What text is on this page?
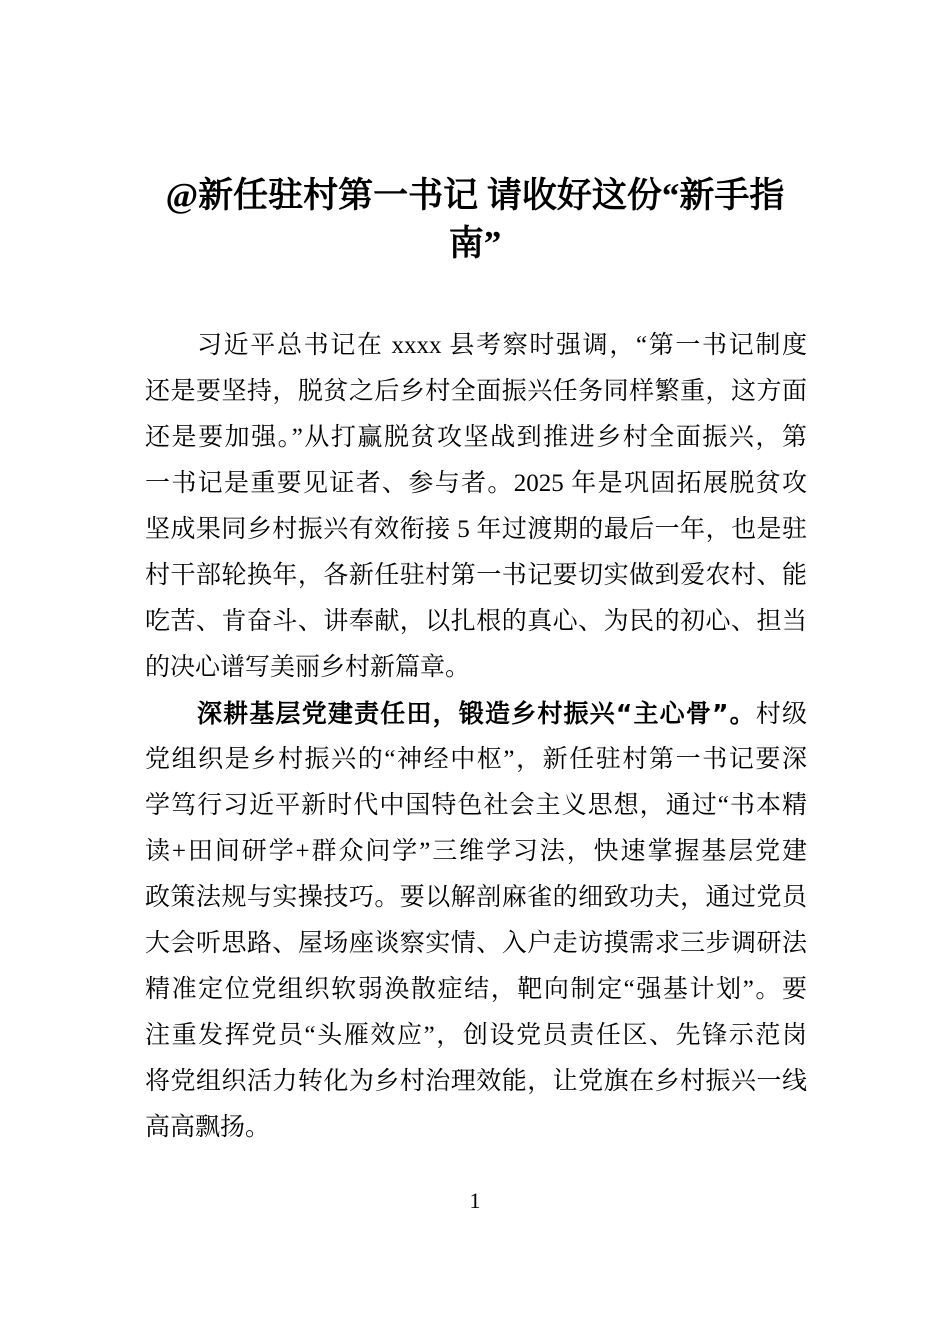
@新任驻村第一书记 请收好这份“新手指
南”
习近平总书记在 xxxx 县考察时强调，“第一书记制度
还是要坚持，脱贫之后乡村全面振兴任务同样繁重，这方面
还是要加强。”从打赢脱贫攻坚战到推进乡村全面振兴，第
一书记是重要见证者、参与者。2025 年是巩固拓展脱贫攻
坚成果同乡村振兴有效衔接 5 年过渡期的最后一年，也是驻
村干部轮换年，各新任驻村第一书记要切实做到爱农村、能
吃苦、肯奋斗、讲奉献，以扎根的真心、为民的初心、担当
的决心谱写美丽乡村新篇章。
深耕基层党建责任田，锻造乡村振兴“主心骨”。村级
党组织是乡村振兴的“神经中枢”，新任驻村第一书记要深
学笃行习近平新时代中国特色社会主义思想，通过“书本精
读+田间研学+群众问学”三维学习法，快速掌握基层党建
政策法规与实操技巧。要以解剖麻雀的细致功夫，通过党员
大会听思路、屋场座谈察实情、入户走访摸需求三步调研法
精准定位党组织软弱涣散症结，靶向制定“强基计划”。要
注重发挥党员“头雁效应”，创设党员责任区、先锋示范岗
将党组织活力转化为乡村治理效能，让党旗在乡村振兴一线
高高飘扬。
1
